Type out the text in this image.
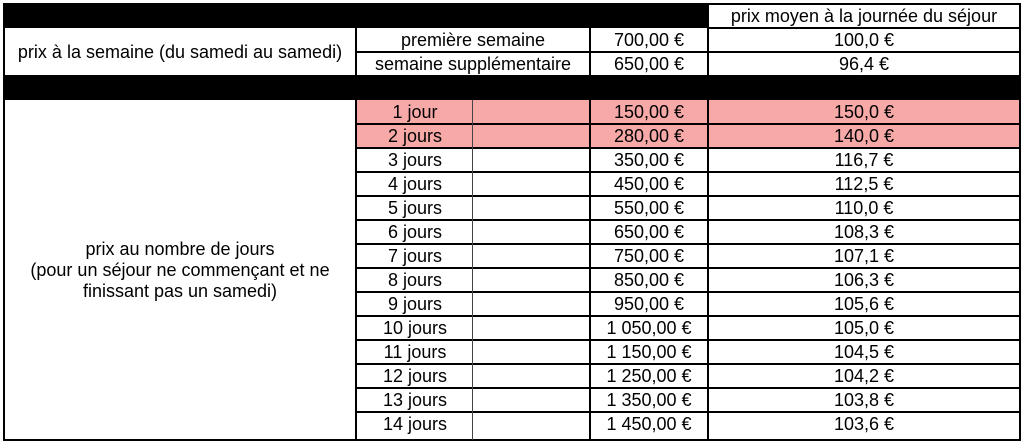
prix moyen à la journée du séjour
prix à la semaine (du samedi au samedi)
première semaine	700,00 €	100,0 €
semaine supplémentaire	650,00 €	96,4 €
prix au nombre de jours
(pour un séjour ne commençant et ne
finissant pas un samedi)
1 jour	150,00 €	150,0 €
2 jours	280,00 €	140,0 €
3 jours	350,00 €	116,7 €
4 jours	450,00 €	112,5 €
5 jours	550,00 €	110,0 €
6 jours	650,00 €	108,3 €
7 jours	750,00 €	107,1 €
8 jours	850,00 €	106,3 €
9 jours	950,00 €	105,6 €
10 jours	1 050,00 €	105,0 €
11 jours	1 150,00 €	104,5 €
12 jours	1 250,00 €	104,2 €
13 jours	1 350,00 €	103,8 €
14 jours	1 450,00 €	103,6 €
